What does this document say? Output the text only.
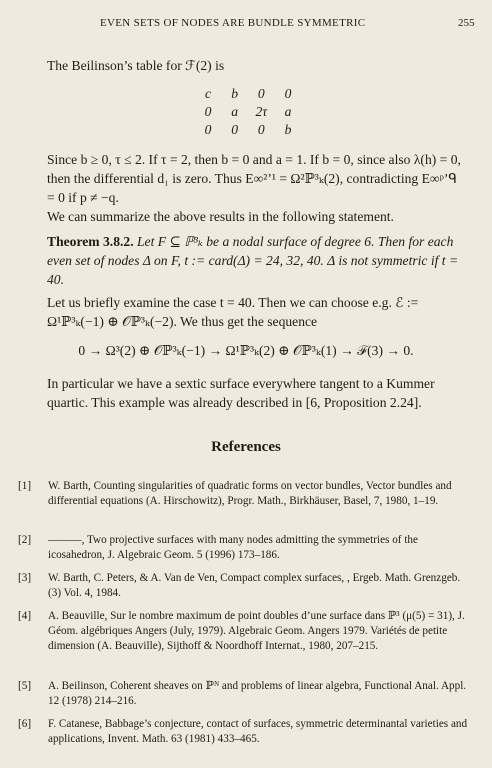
EVEN SETS OF NODES ARE BUNDLE SYMMETRIC	255
The Beilinson’s table for ℱ(2) is
c	b	0	0
0	a	2τ	a
0	0	0	b
Since b ≥ 0, τ ≤ 2. If τ = 2, then b = 0 and a = 1. If b = 0, since also λ(h) = 0, then the differential d₁ is zero. Thus E∞²ʼ¹ = Ω²ℙ³ₖ(2), contradicting E∞ᵖʼᑫ = 0 if p ≠ −q.
We can summarize the above results in the following statement.
Theorem 3.8.2. Let F ⊆ ℙ³ₖ be a nodal surface of degree 6. Then for each even set of nodes Δ on F, t := card(Δ) = 24, 32, 40. Δ is not symmetric if t = 40.
Let us briefly examine the case t = 40. Then we can choose e.g. ℰ := Ω¹ℙ³ₖ(−1) ⊕ 𝒪ℙ³ₖ(−2). We thus get the sequence
0 → Ω³(2) ⊕ 𝒪ℙ³ₖ(−1) → Ω¹ℙ³ₖ(2) ⊕ 𝒪ℙ³ₖ(1) → ℱ(3) → 0.
In particular we have a sextic surface everywhere tangent to a Kummer quartic. This example was already described in [6, Proposition 2.24].
References
[1]	W. Barth, Counting singularities of quadratic forms on vector bundles, Vector bundles and differential equations (A. Hirschowitz), Progr. Math., Birkhäuser, Basel, 7, 1980, 1–19.
[2]	———, Two projective surfaces with many nodes admitting the symmetries of the icosahedron, J. Algebraic Geom. 5 (1996) 173–186.
[3]	W. Barth, C. Peters, & A. Van de Ven, Compact complex surfaces, , Ergeb. Math. Grenzgeb. (3) Vol. 4, 1984.
[4]	A. Beauville, Sur le nombre maximum de point doubles d’une surface dans ℙ³ (μ(5) = 31), J. Géom. algébriques Angers (July, 1979). Algebraic Geom. Angers 1979. Variétés de petite dimension (A. Beauville), Sijthoff & Noordhoff Internat., 1980, 207–215.
[5]	A. Beilinson, Coherent sheaves on ℙᴺ and problems of linear algebra, Functional Anal. Appl. 12 (1978) 214–216.
[6]	F. Catanese, Babbage’s conjecture, contact of surfaces, symmetric determinantal varieties and applications, Invent. Math. 63 (1981) 433–465.
